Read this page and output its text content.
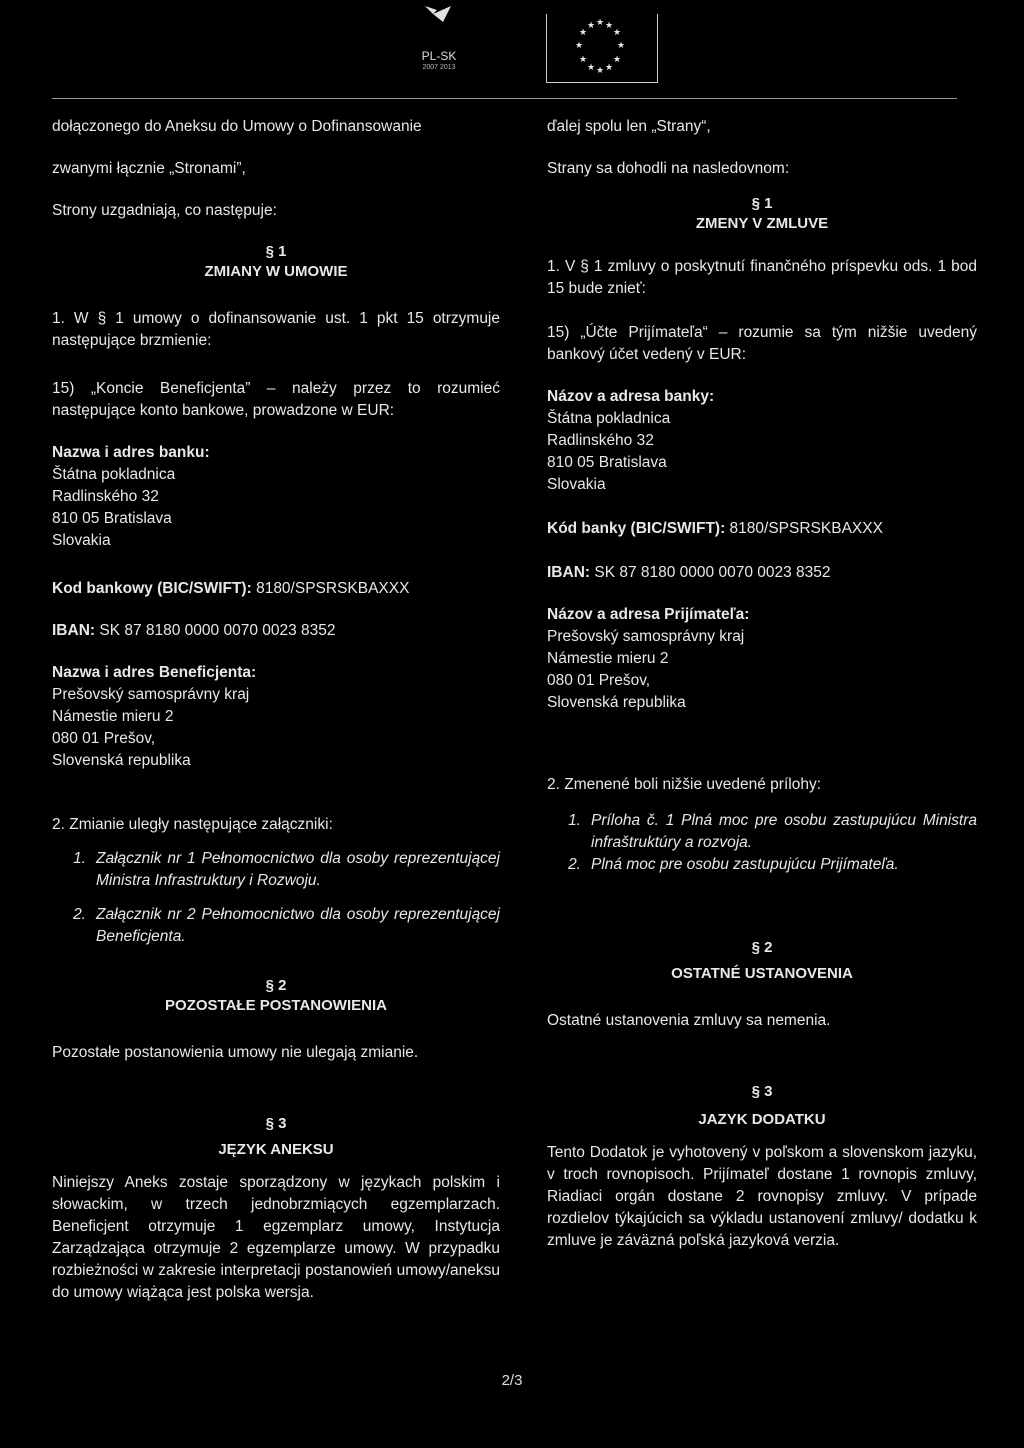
PL-SK
2007 2013
★ ★ ★
★	★
★	★
★	★
★ ★ ★

dołączonego do Aneksu do Umowy o Dofinansowanie

zwanymi łącznie „Stronami”,

Strony uzgadniają, co następuje:

§ 1
ZMIANY W UMOWIE

1. W § 1 umowy o dofinansowanie ust. 1 pkt 15 otrzymuje następujące brzmienie:

15) „Koncie Beneficjenta” – należy przez to rozumieć następujące konto bankowe, prowadzone w EUR:

Nazwa i adres banku:

Štátna pokladnica

Radlinského 32

810 05 Bratislava

Slovakia

Kod bankowy (BIC/SWIFT): 8180/SPSRSKBAXXX

IBAN: SK 87 8180 0000 0070 0023 8352

Nazwa i adres Beneficjenta:

Prešovský samosprávny kraj

Námestie mieru 2

080 01 Prešov,

Slovenská republika

2. Zmianie uległy następujące załączniki:

1. Załącznik nr 1 Pełnomocnictwo dla osoby reprezentującej Ministra Infrastruktury i Rozwoju.
2. Załącznik nr 2 Pełnomocnictwo dla osoby reprezentującej Beneficjenta.
§ 2
POZOSTAŁE POSTANOWIENIA

Pozostałe postanowienia umowy nie ulegają zmianie.

§ 3
JĘZYK ANEKSU

Niniejszy Aneks zostaje sporządzony w językach polskim i słowackim, w trzech jednobrzmiących egzemplarzach. Beneficjent otrzymuje 1 egzemplarz umowy, Instytucja Zarządzająca otrzymuje 2 egzemplarze umowy. W przypadku rozbieżności w zakresie interpretacji postanowień umowy/aneksu do umowy wiążąca jest polska wersja.

ďalej spolu len „Strany“,

Strany sa dohodli na nasledovnom:

§ 1
ZMENY V ZMLUVE

1. V § 1 zmluvy o poskytnutí finančného príspevku ods. 1 bod 15 bude znieť:

15) „Účte Prijímateľa“ – rozumie sa tým nižšie uvedený bankový účet vedený v EUR:

Názov a adresa banky:

Štátna pokladnica

Radlinského 32

810 05 Bratislava

Slovakia

Kód banky (BIC/SWIFT): 8180/SPSRSKBAXXX

IBAN: SK 87 8180 0000 0070 0023 8352

Názov a adresa Prijímateľa:

Prešovský samosprávny kraj

Námestie mieru 2

080 01 Prešov,

Slovenská republika

2. Zmenené boli nižšie uvedené prílohy:

1. Príloha č. 1 Plná moc pre osobu zastupujúcu Ministra infraštruktúry a rozvoja.
2. Plná moc pre osobu zastupujúcu Prijímateľa.
§ 2
OSTATNÉ USTANOVENIA

Ostatné ustanovenia zmluvy sa nemenia.

§ 3
JAZYK DODATKU

Tento Dodatok je vyhotovený v poľskom a slovenskom jazyku, v troch rovnopisoch. Prijímateľ dostane 1 rovnopis zmluvy, Riadiaci orgán dostane 2 rovnopisy zmluvy. V prípade rozdielov týkajúcich sa výkladu ustanovení zmluvy/ dodatku k zmluve je záväzná poľská jazyková verzia.

2/3
